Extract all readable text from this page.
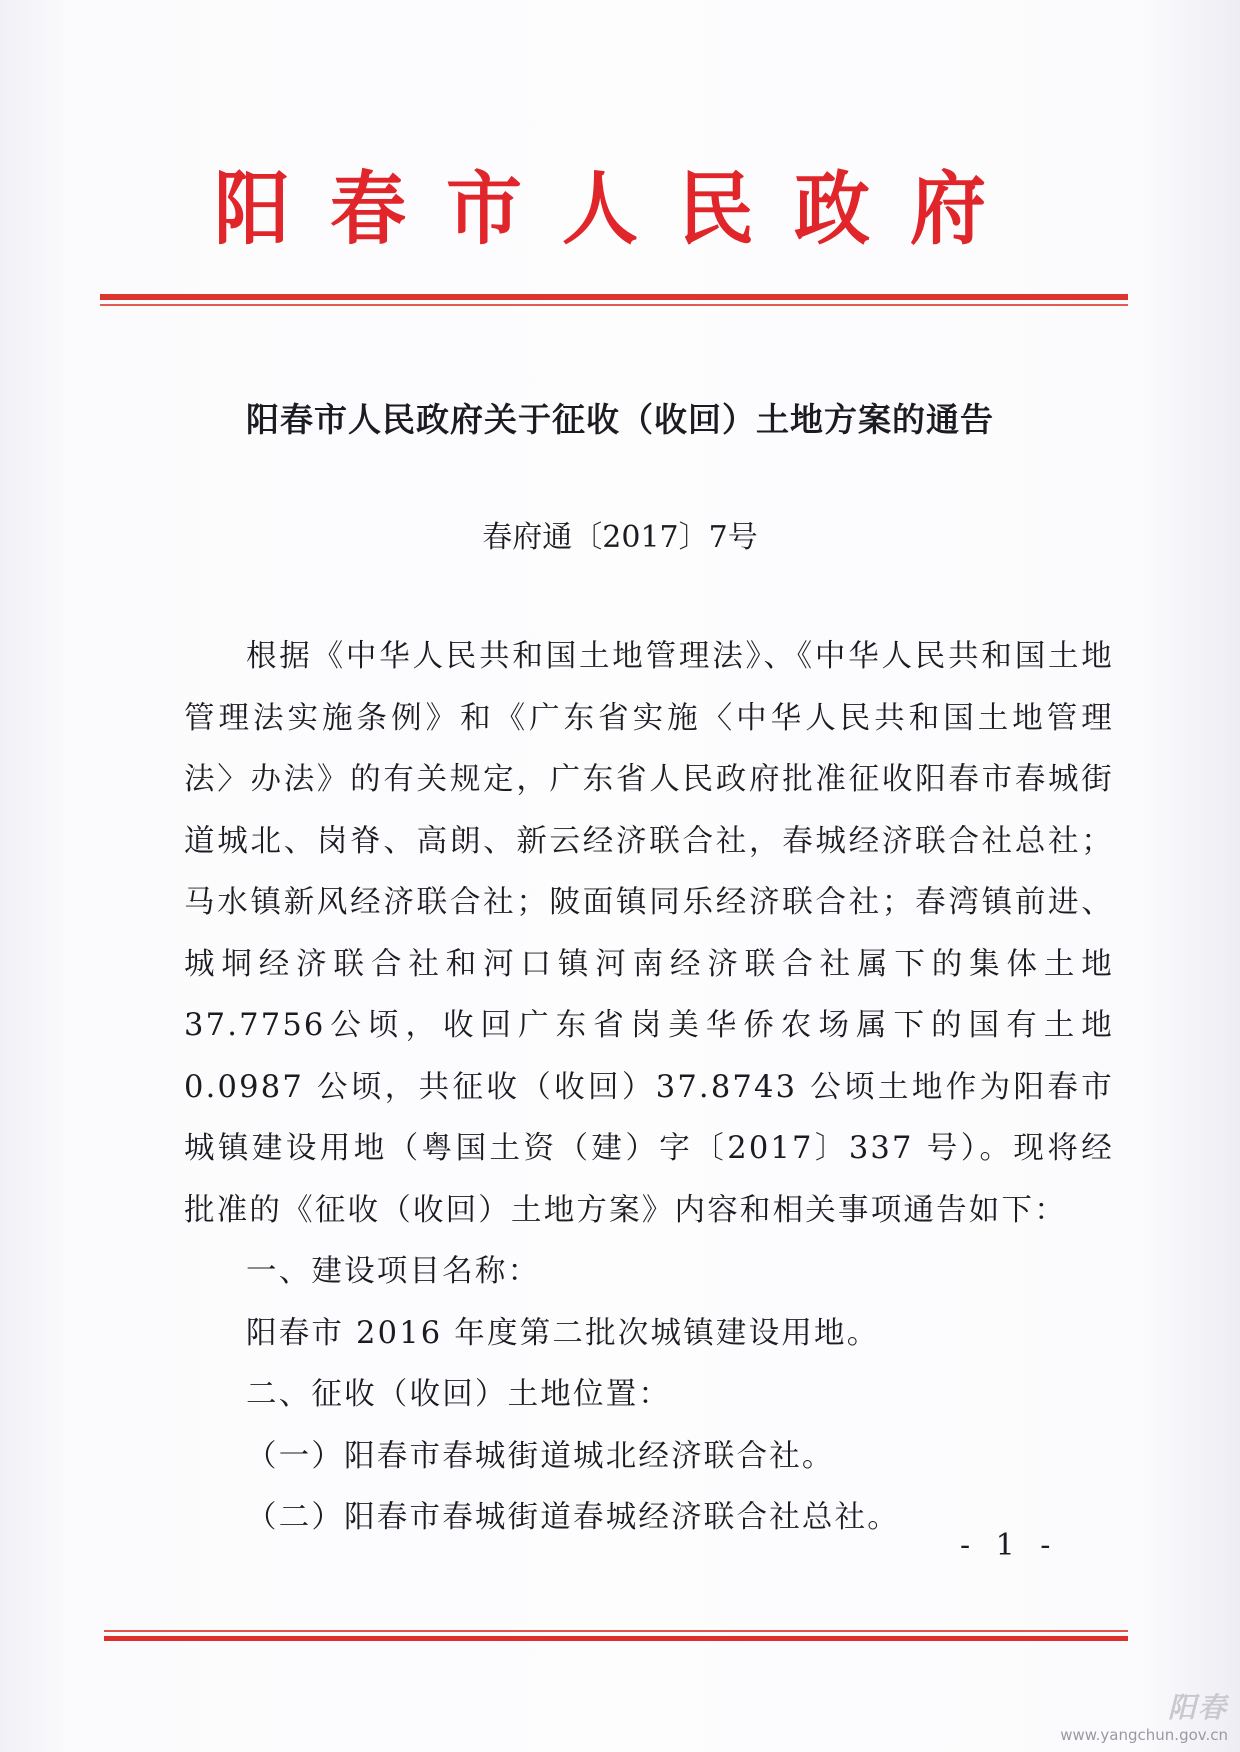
阳春市人民政府
阳春市人民政府关于征收（收回）土地方案的通告
春府通〔2017〕7号

根据《中华人民共和国土地管理法》、《中华人民共和国土地管理法实施条例》和《广东省实施〈中华人民共和国土地管理法〉办法》的有关规定，广东省人民政府批准征收阳春市春城街道城北、岗脊、高朗、新云经济联合社，春城经济联合社总社；马水镇新风经济联合社；陂面镇同乐经济联合社；春湾镇前进、城垌经济联合社和河口镇河南经济联合社属下的集体土地37.7756公顷，收回广东省岗美华侨农场属下的国有土地 0.0987 公顷，共征收（收回）37.8743 公顷土地作为阳春市城镇建设用地（粤国土资（建）字〔2017〕337 号）。现将经批准的《征收（收回）土地方案》内容和相关事项通告如下：

一、建设项目名称：

阳春市 2016 年度第二批次城镇建设用地。

二、征收（收回）土地位置：

（一）阳春市春城街道城北经济联合社。

（二）阳春市春城街道春城经济联合社总社。

- 1 -
阳春
www.yangchun.gov.cn
